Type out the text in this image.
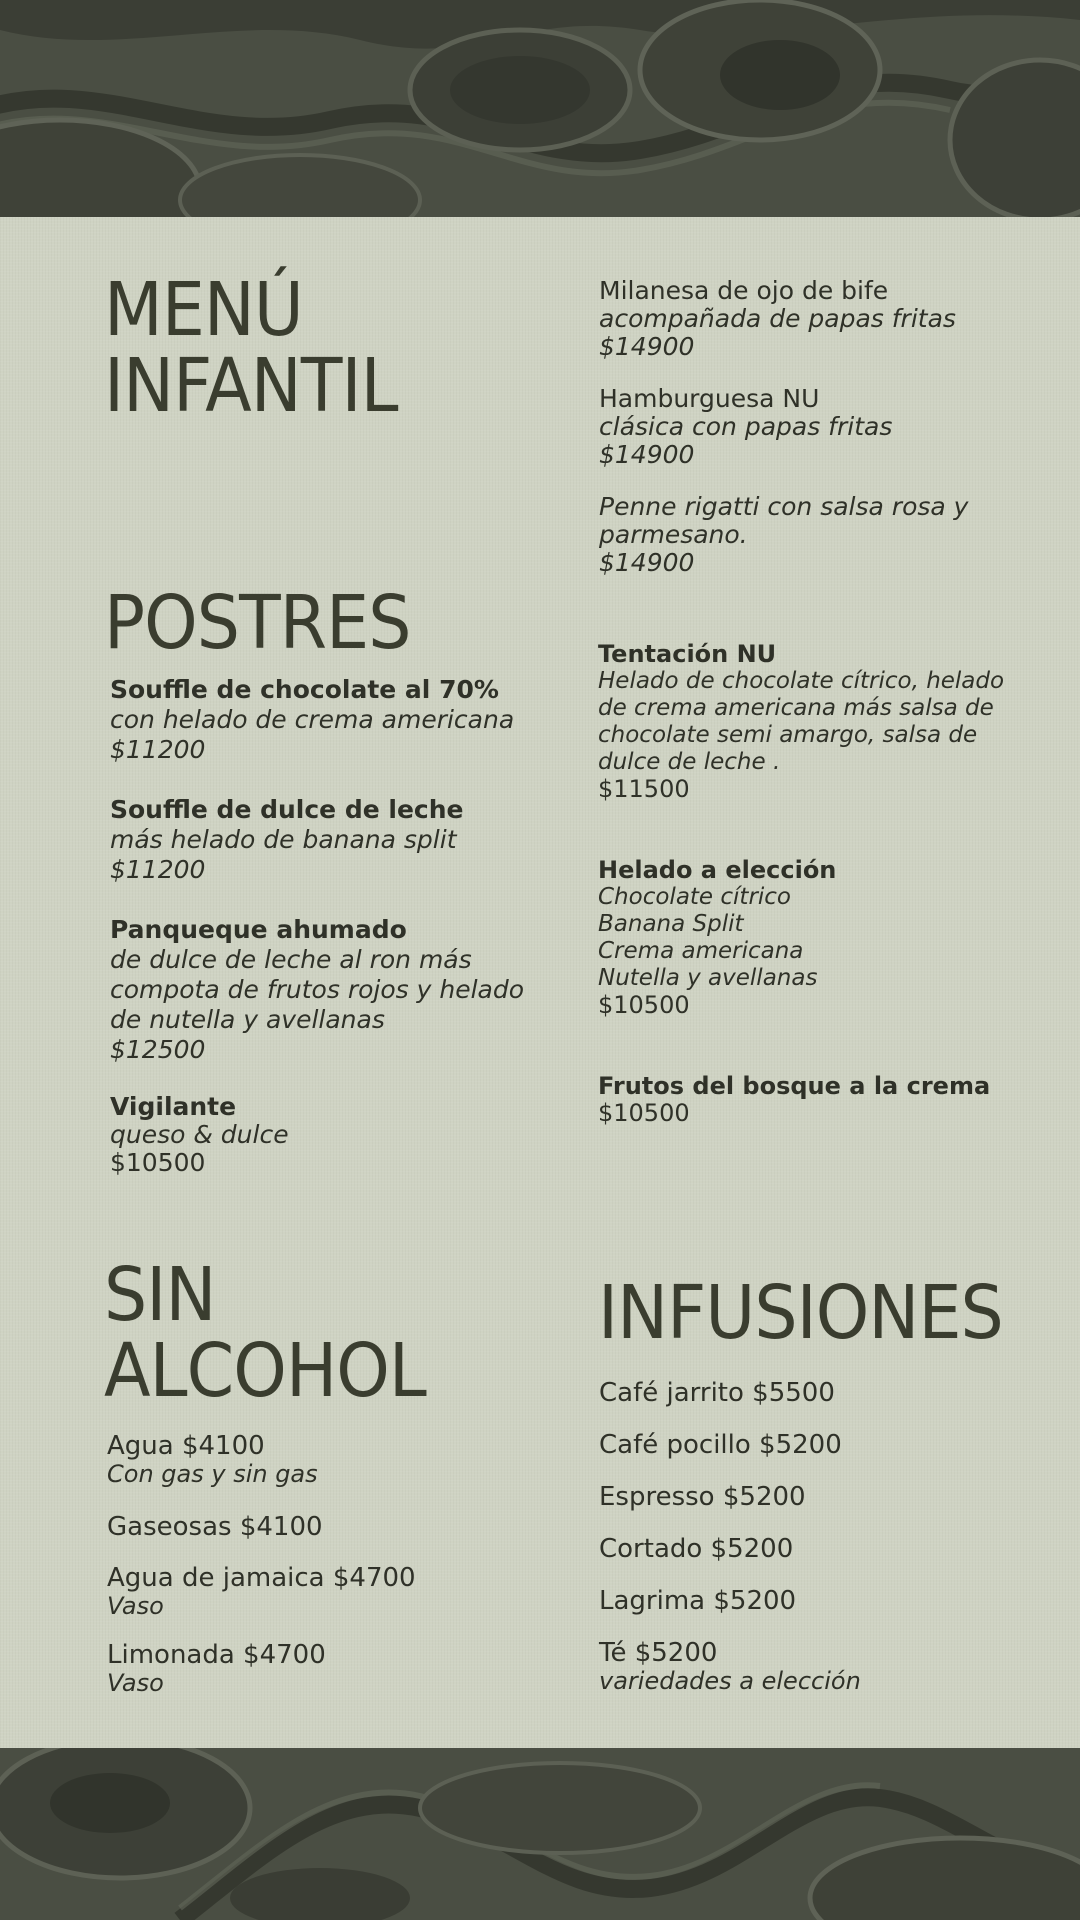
MENÚ
INFANTIL
Milanesa de ojo de bife
acompañada de papas fritas
$14900
Hamburguesa NU
clásica con papas fritas
$14900
Penne rigatti con salsa rosa y
parmesano.
$14900
POSTRES
Souffle de chocolate al 70%
con helado de crema americana
$11200
Souffle de dulce de leche
más helado de banana split
$11200
Panqueque ahumado
de dulce de leche al ron más
compota de frutos rojos y helado
de nutella y avellanas
$12500
Vigilante
queso & dulce
$10500
Tentación NU
Helado de chocolate cítrico, helado
de crema americana más salsa de
chocolate semi amargo, salsa de
dulce de leche .
$11500
Helado a elección
Chocolate cítrico
Banana Split
Crema americana
Nutella y avellanas
$10500
Frutos del bosque a la crema
$10500
SIN
ALCOHOL
Agua $4100
Con gas y sin gas
Gaseosas $4100
Agua de jamaica $4700
Vaso
Limonada $4700
Vaso
INFUSIONES
Café jarrito $5500
Café pocillo $5200
Espresso $5200
Cortado $5200
Lagrima $5200
Té $5200
variedades a elección
